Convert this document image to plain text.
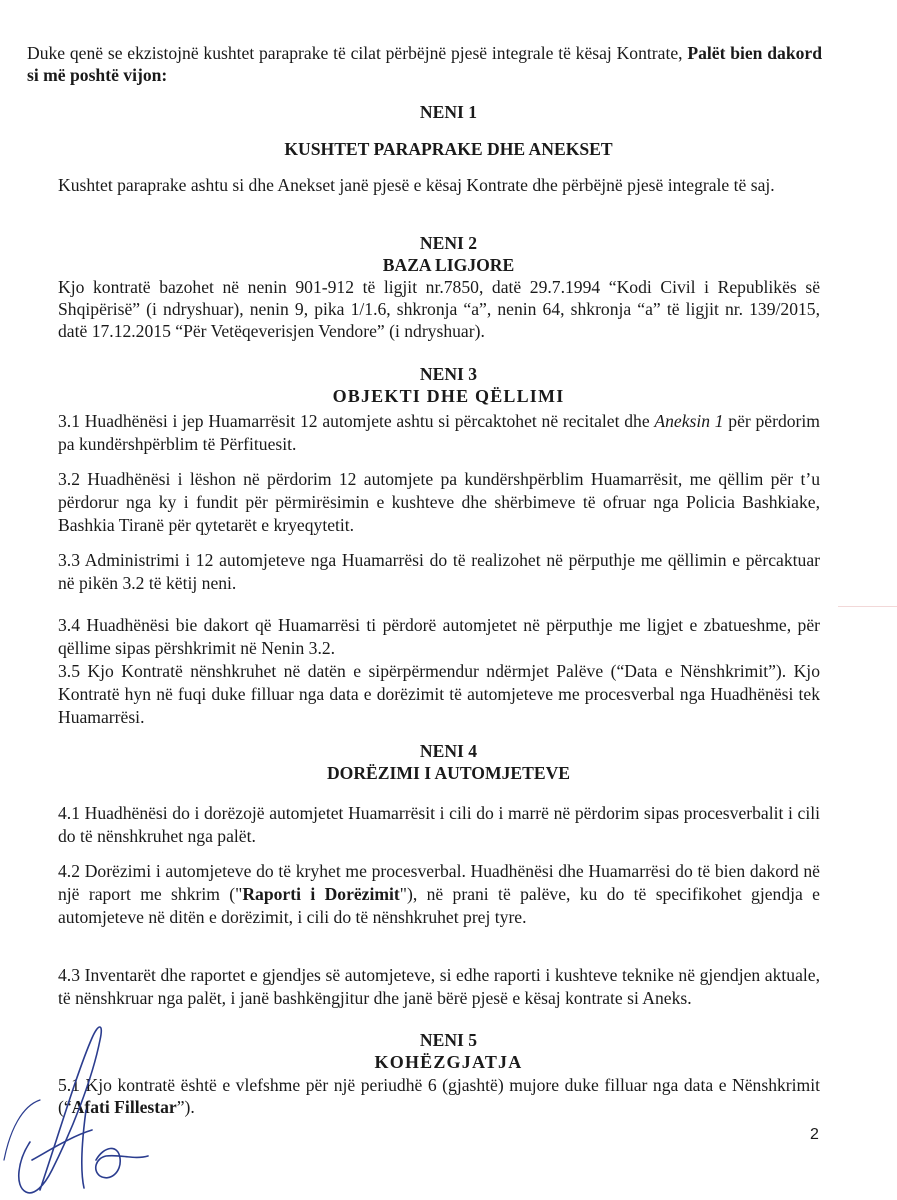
Duke qenë se ekzistojnë kushtet paraprake të cilat përbëjnë pjesë integrale të kësaj Kontrate, Palët bien dakord si më poshtë vijon:

NENI 1

KUSHTET PARAPRAKE DHE ANEKSET

Kushtet paraprake ashtu si dhe Anekset janë pjesë e kësaj Kontrate dhe përbëjnë pjesë integrale të saj.

NENI 2

BAZA LIGJORE

Kjo kontratë bazohet në nenin 901-912 të ligjit nr.7850, datë 29.7.1994 “Kodi Civil i Republikës së Shqipërisë” (i ndryshuar), nenin 9, pika 1/1.6, shkronja “a”, nenin 64, shkronja “a” të ligjit nr. 139/2015, datë 17.12.2015 “Për Vetëqeverisjen Vendore” (i ndryshuar).

NENI 3

OBJEKTI DHE QËLLIMI

3.1 Huadhënësi i jep Huamarrësit 12 automjete ashtu si përcaktohet në recitalet dhe Aneksin 1 për përdorim pa kundërshpërblim të Përfituesit.

3.2 Huadhënësi i lëshon në përdorim 12 automjete pa kundërshpërblim Huamarrësit, me qëllim për t’u përdorur nga ky i fundit për përmirësimin e kushteve dhe shërbimeve të ofruar nga Policia Bashkiake, Bashkia Tiranë për qytetarët e kryeqytetit.

3.3 Administrimi i 12 automjeteve nga Huamarrësi do të realizohet në përputhje me qëllimin e përcaktuar në pikën 3.2 të këtij neni.

3.4 Huadhënësi bie dakort që Huamarrësi ti përdorë automjetet në përputhje me ligjet e zbatueshme, për qëllime sipas përshkrimit në Nenin 3.2.

3.5 Kjo Kontratë nënshkruhet në datën e sipërpërmendur ndërmjet Palëve (“Data e Nënshkrimit”). Kjo Kontratë hyn në fuqi duke filluar nga data e dorëzimit të automjeteve me procesverbal nga Huadhënësi tek Huamarrësi.

NENI 4

DORËZIMI I AUTOMJETEVE

4.1 Huadhënësi do i dorëzojë automjetet Huamarrësit i cili do i marrë në përdorim sipas procesverbalit i cili do të nënshkruhet nga palët.

4.2 Dorëzimi i automjeteve do të kryhet me procesverbal. Huadhënësi dhe Huamarrësi do të bien dakord në një raport me shkrim ("Raporti i Dorëzimit"), në prani të palëve, ku do të specifikohet gjendja e automjeteve në ditën e dorëzimit, i cili do të nënshkruhet prej tyre.

4.3 Inventarët dhe raportet e gjendjes së automjeteve, si edhe raporti i kushteve teknike në gjendjen aktuale, të nënshkruar nga palët, i janë bashkëngjitur dhe janë bërë pjesë e kësaj kontrate si Aneks.

NENI 5

KOHËZGJATJA

5.1 Kjo kontratë është e vlefshme për një periudhë 6 (gjashtë) mujore duke filluar nga data e Nënshkrimit (“Afati Fillestar”).

2
